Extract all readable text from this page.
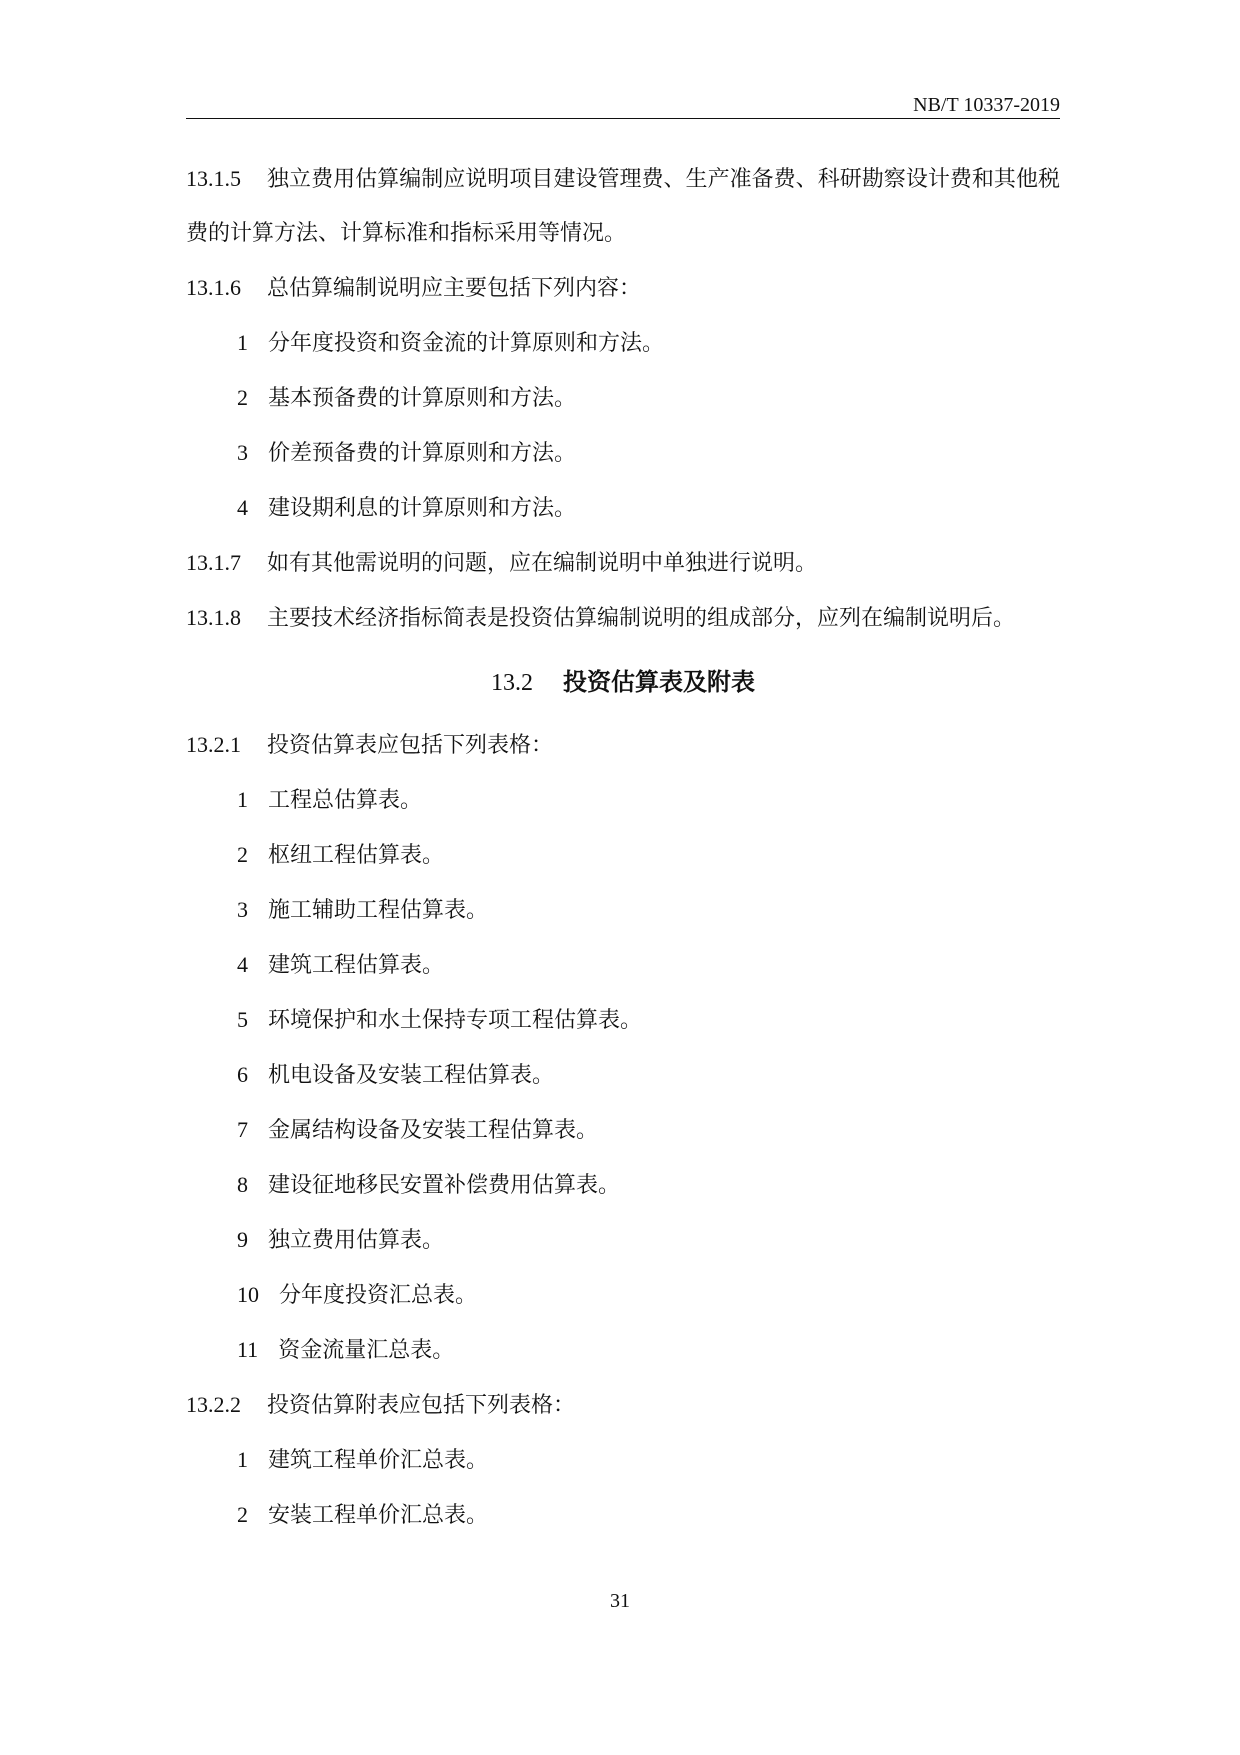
NB/T 10337-2019

13.1.5 独立费用估算编制应说明项目建设管理费、生产准备费、科研勘察设计费和其他税费的计算方法、计算标准和指标采用等情况。

13.1.6 总估算编制说明应主要包括下列内容：

1 分年度投资和资金流的计算原则和方法。

2 基本预备费的计算原则和方法。

3 价差预备费的计算原则和方法。

4 建设期利息的计算原则和方法。

13.1.7 如有其他需说明的问题，应在编制说明中单独进行说明。

13.1.8 主要技术经济指标简表是投资估算编制说明的组成部分，应列在编制说明后。

13.2 投资估算表及附表

13.2.1 投资估算表应包括下列表格：

1 工程总估算表。

2 枢纽工程估算表。

3 施工辅助工程估算表。

4 建筑工程估算表。

5 环境保护和水土保持专项工程估算表。

6 机电设备及安装工程估算表。

7 金属结构设备及安装工程估算表。

8 建设征地移民安置补偿费用估算表。

9 独立费用估算表。

10 分年度投资汇总表。

11 资金流量汇总表。

13.2.2 投资估算附表应包括下列表格：

1 建筑工程单价汇总表。

2 安装工程单价汇总表。

31
